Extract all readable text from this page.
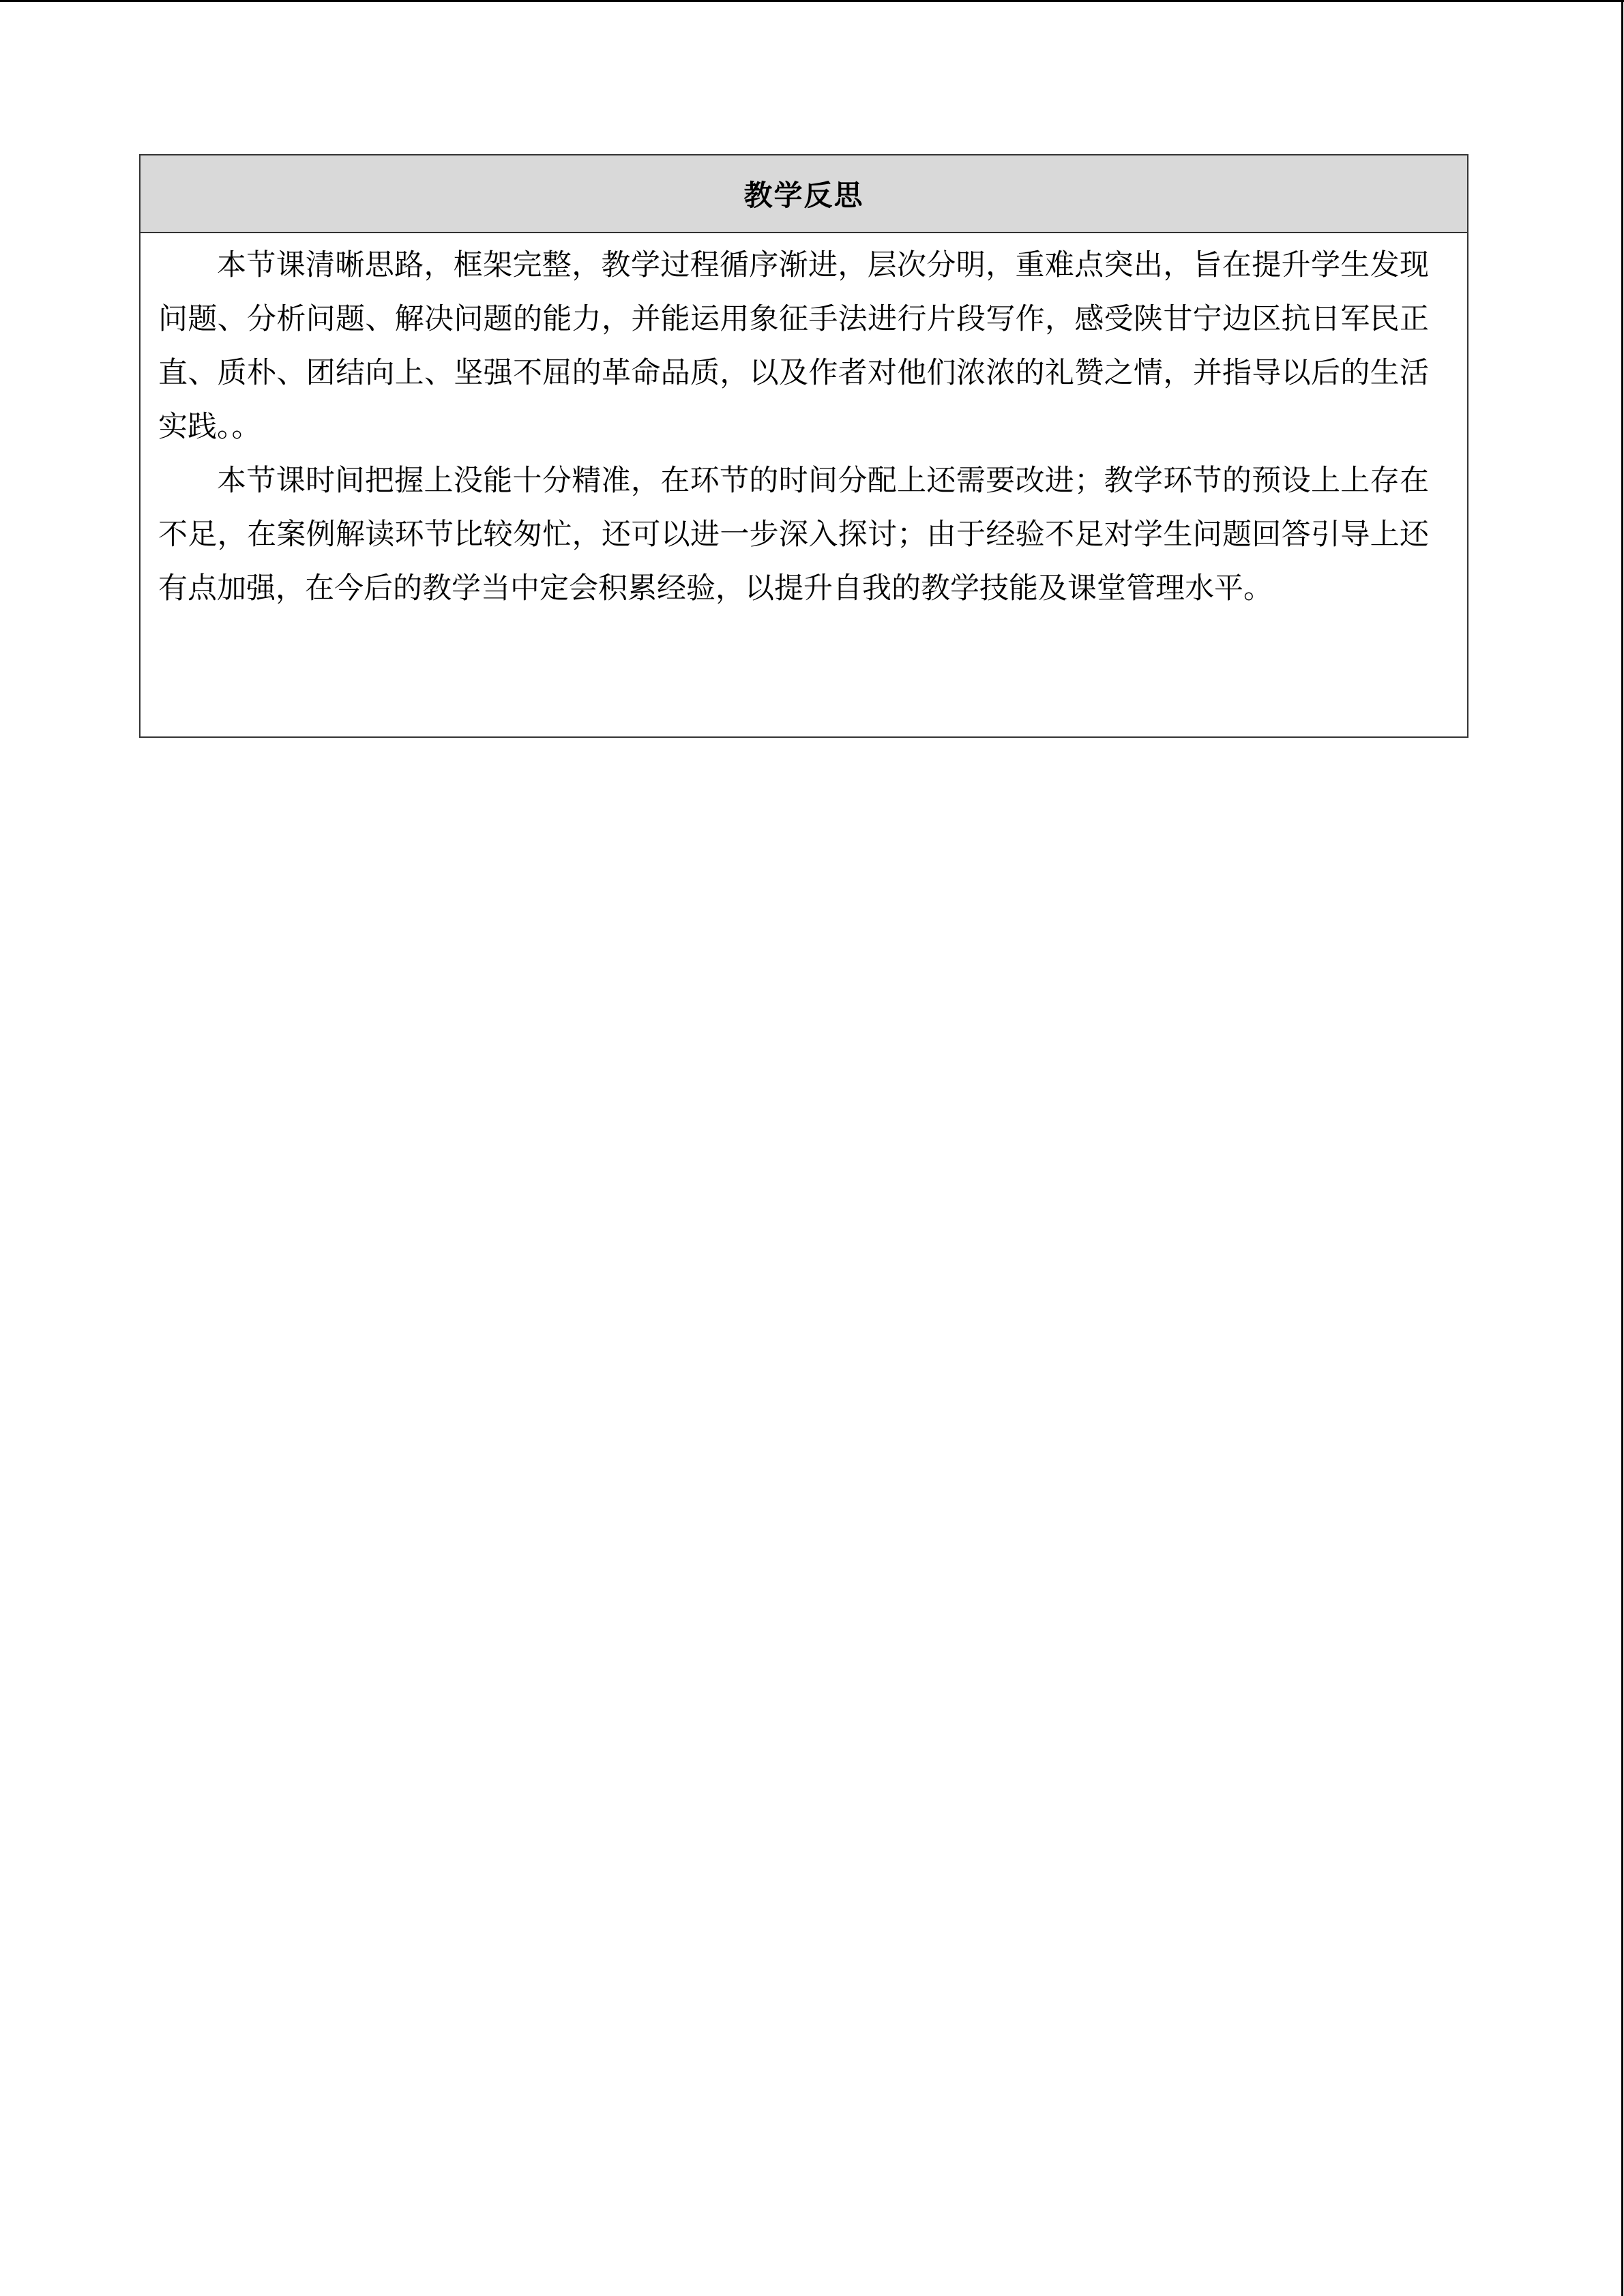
教学反思

本节课清晰思路，框架完整，教学过程循序渐进，层次分明，重难点突出，旨在提升学生发现问题、分析问题、解决问题的能力，并能运用象征手法进行片段写作，感受陕甘宁边区抗日军民正直、质朴、团结向上、坚强不屈的革命品质，以及作者对他们浓浓的礼赞之情，并指导以后的生活实践。。

本节课时间把握上没能十分精准，在环节的时间分配上还需要改进；教学环节的预设上上存在不足，在案例解读环节比较匆忙，还可以进一步深入探讨；由于经验不足对学生问题回答引导上还有点加强，在今后的教学当中定会积累经验，以提升自我的教学技能及课堂管理水平。
